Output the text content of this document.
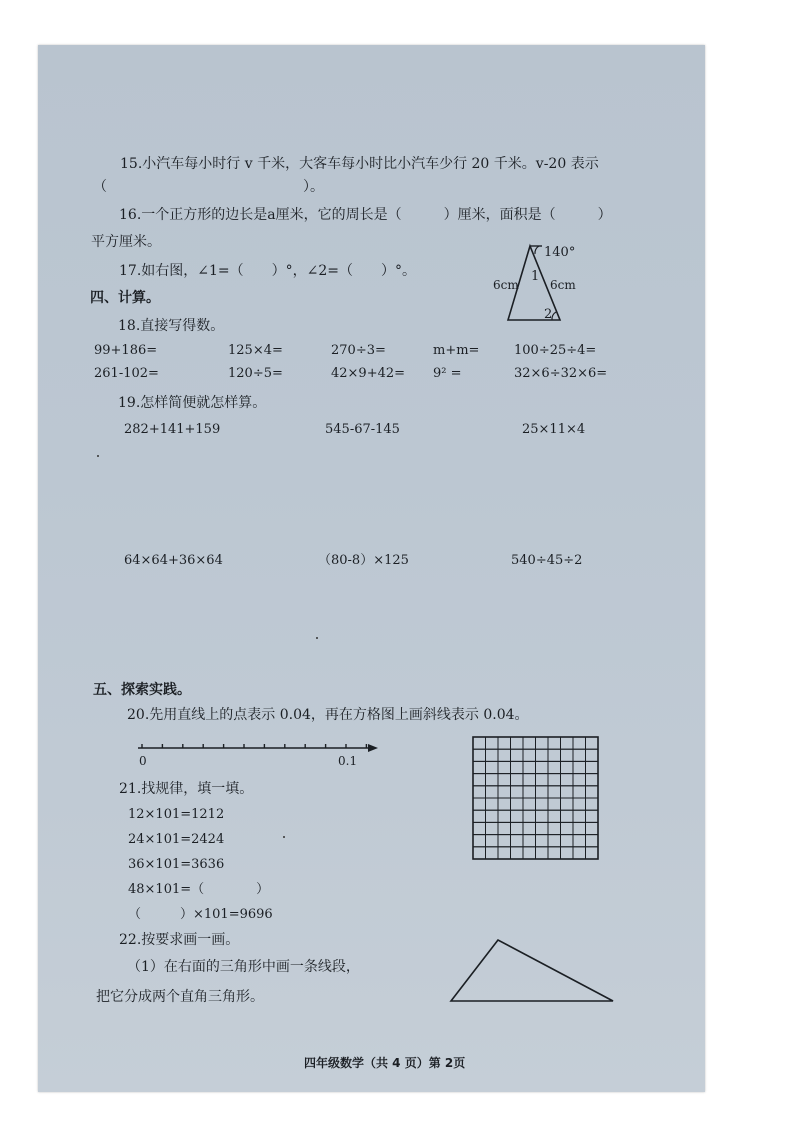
15.小汽车每小时行 v 千米，大客车每小时比小汽车少行 20 千米。v-20 表示
（　　　　　　　　　　　　　　）。
16.一个正方形的边长是a厘米，它的周长是（　　　）厘米，面积是（　　　）
平方厘米。
17.如右图，∠1=（　　）°，∠2=（　　）°。
140°
1
2
6cm	6cm
四、计算。
18.直接写得数。
99+186=	125×4=	270÷3=	m+m=	100÷25÷4=
261-102=	120÷5=	42×9+42= 9² =	32×6÷32×6=
19.怎样简便就怎样算。
282+141+159	545-67-145	25×11×4
64×64+36×64	（80-8）×125	540÷45÷2
五、探索实践。
20.先用直线上的点表示 0.04，再在方格图上画斜线表示 0.04。
0	0.1
21.找规律，填一填。
12×101=1212
24×101=2424
36×101=3636
48×101=（　　　　）
（　　　）×101=9696
22.按要求画一画。
（1）在右面的三角形中画一条线段，
把它分成两个直角三角形。
四年级数学（共 4 页）第 2页
